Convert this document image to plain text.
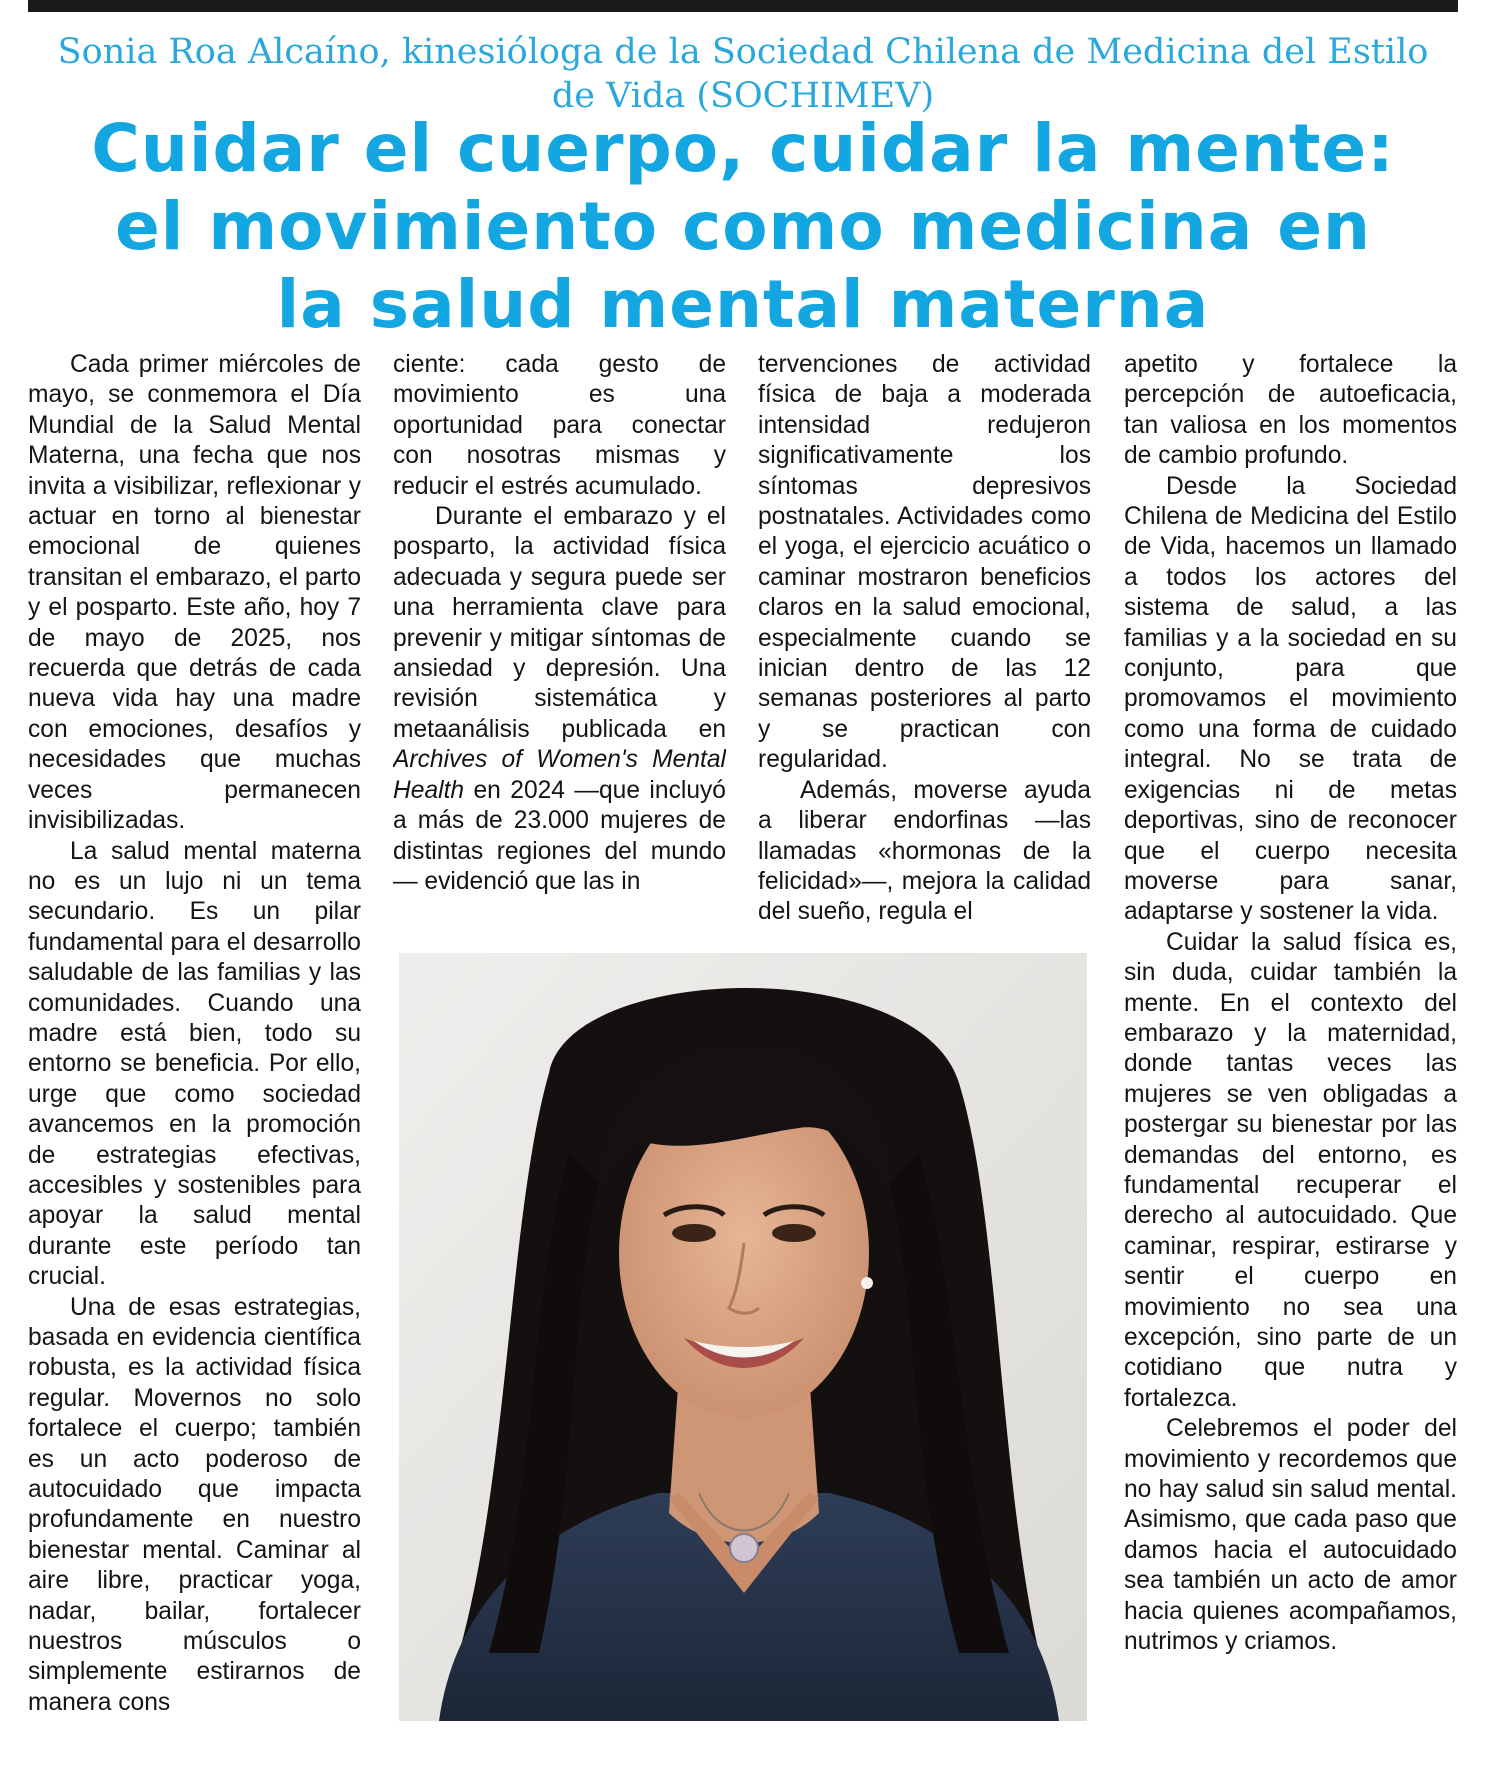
Sonia Roa Alcaíno, kinesióloga de la Sociedad Chilena de Medicina del Estilo de Vida (SOCHIMEV)
Cuidar el cuerpo, cuidar la mente:
el movimiento como medicina en
la salud mental materna

Cada primer miércoles de mayo, se conmemora el Día Mundial de la Salud Mental Materna, una fecha que nos invita a visibilizar, reflexionar y actuar en torno al bienestar emocional de quienes transitan el embarazo, el parto y el posparto. Este año, hoy 7 de mayo de 2025, nos recuerda que detrás de cada nueva vida hay una madre con emociones, desafíos y necesidades que muchas veces permanecen invisibilizadas.

La salud mental materna no es un lujo ni un tema secundario. Es un pilar fundamental para el desarrollo saludable de las familias y las comunidades. Cuando una madre está bien, todo su entorno se beneficia. Por ello, urge que como sociedad avancemos en la promoción de estrategias efectivas, accesibles y sostenibles para apoyar la salud mental durante este período tan crucial.

Una de esas estrategias, basada en evidencia científica robusta, es la actividad física regular. Movernos no solo fortalece el cuerpo; también es un acto poderoso de autocuidado que impacta profundamente en nuestro bienestar mental. Caminar al aire libre, practicar yoga, nadar, bailar, fortalecer nuestros músculos o simplemente estirarnos de manera cons

ciente: cada gesto de movimiento es una oportunidad para conectar con nosotras mismas y reducir el estrés acumulado.

Durante el embarazo y el posparto, la actividad física adecuada y segura puede ser una herramienta clave para prevenir y mitigar síntomas de ansiedad y depresión. Una revisión sistemática y metaanálisis publicada en Archives of Women's Mental Health en 2024 —que incluyó a más de 23.000 mujeres de distintas regiones del mundo— evidenció que las in

tervenciones de actividad física de baja a moderada intensidad redujeron significativamente los síntomas depresivos postnatales. Actividades como el yoga, el ejercicio acuático o caminar mostraron beneficios claros en la salud emocional, especialmente cuando se inician dentro de las 12 semanas posteriores al parto y se practican con regularidad.

Además, moverse ayuda a liberar endorfinas —las llamadas «hormonas de la felicidad»—, mejora la calidad del sueño, regula el

apetito y fortalece la percepción de autoeficacia, tan valiosa en los momentos de cambio profundo.

Desde la Sociedad Chilena de Medicina del Estilo de Vida, hacemos un llamado a todos los actores del sistema de salud, a las familias y a la sociedad en su conjunto, para que promovamos el movimiento como una forma de cuidado integral. No se trata de exigencias ni de metas deportivas, sino de reconocer que el cuerpo necesita moverse para sanar, adaptarse y sostener la vida.

Cuidar la salud física es, sin duda, cuidar también la mente. En el contexto del embarazo y la maternidad, donde tantas veces las mujeres se ven obligadas a postergar su bienestar por las demandas del entorno, es fundamental recuperar el derecho al autocuidado. Que caminar, respirar, estirarse y sentir el cuerpo en movimiento no sea una excepción, sino parte de un cotidiano que nutra y fortalezca.

Celebremos el poder del movimiento y recordemos que no hay salud sin salud mental. Asimismo, que cada paso que damos hacia el autocuidado sea también un acto de amor hacia quienes acompañamos, nutrimos y criamos.
